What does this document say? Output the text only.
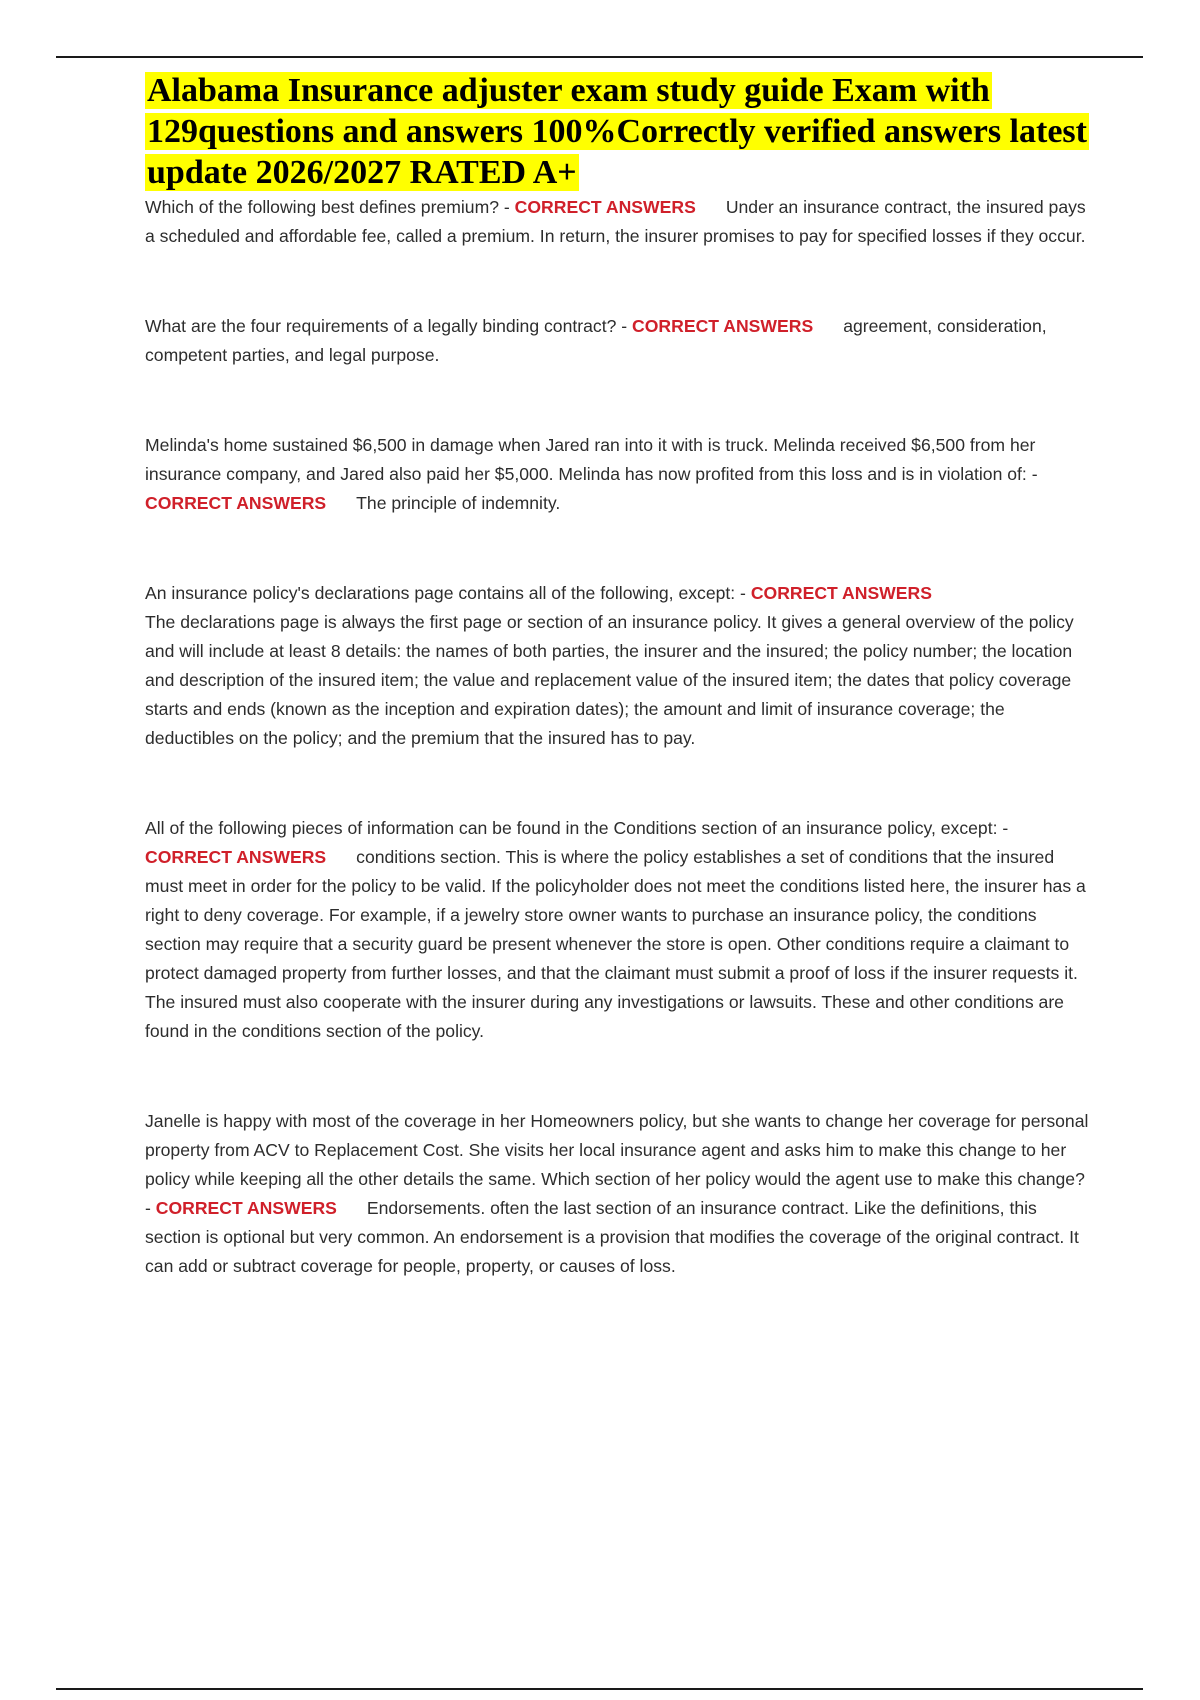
Alabama Insurance adjuster exam study guide Exam with 129questions and answers 100%Correctly verified answers latest update 2026/2027 RATED A+

Which of the following best defines premium? - CORRECT ANSWERS Under an insurance contract, the insured pays a scheduled and affordable fee, called a premium. In return, the insurer promises to pay for specified losses if they occur.

What are the four requirements of a legally binding contract? - CORRECT ANSWERS agreement, consideration, competent parties, and legal purpose.

Melinda's home sustained $6,500 in damage when Jared ran into it with is truck. Melinda received $6,500 from her insurance company, and Jared also paid her $5,000. Melinda has now profited from this loss and is in violation of: - CORRECT ANSWERS The principle of indemnity.

An insurance policy's declarations page contains all of the following, except: - CORRECT ANSWERS
The declarations page is always the first page or section of an insurance policy. It gives a general overview of the policy and will include at least 8 details: the names of both parties, the insurer and the insured; the policy number; the location and description of the insured item; the value and replacement value of the insured item; the dates that policy coverage starts and ends (known as the inception and expiration dates); the amount and limit of insurance coverage; the deductibles on the policy; and the premium that the insured has to pay.

All of the following pieces of information can be found in the Conditions section of an insurance policy, except: - CORRECT ANSWERS conditions section. This is where the policy establishes a set of conditions that the insured must meet in order for the policy to be valid. If the policyholder does not meet the conditions listed here, the insurer has a right to deny coverage. For example, if a jewelry store owner wants to purchase an insurance policy, the conditions section may require that a security guard be present whenever the store is open. Other conditions require a claimant to protect damaged property from further losses, and that the claimant must submit a proof of loss if the insurer requests it. The insured must also cooperate with the insurer during any investigations or lawsuits. These and other conditions are found in the conditions section of the policy.

Janelle is happy with most of the coverage in her Homeowners policy, but she wants to change her coverage for personal property from ACV to Replacement Cost. She visits her local insurance agent and asks him to make this change to her policy while keeping all the other details the same. Which section of her policy would the agent use to make this change? - CORRECT ANSWERS Endorsements. often the last section of an insurance contract. Like the definitions, this section is optional but very common. An endorsement is a provision that modifies the coverage of the original contract. It can add or subtract coverage for people, property, or causes of loss.
